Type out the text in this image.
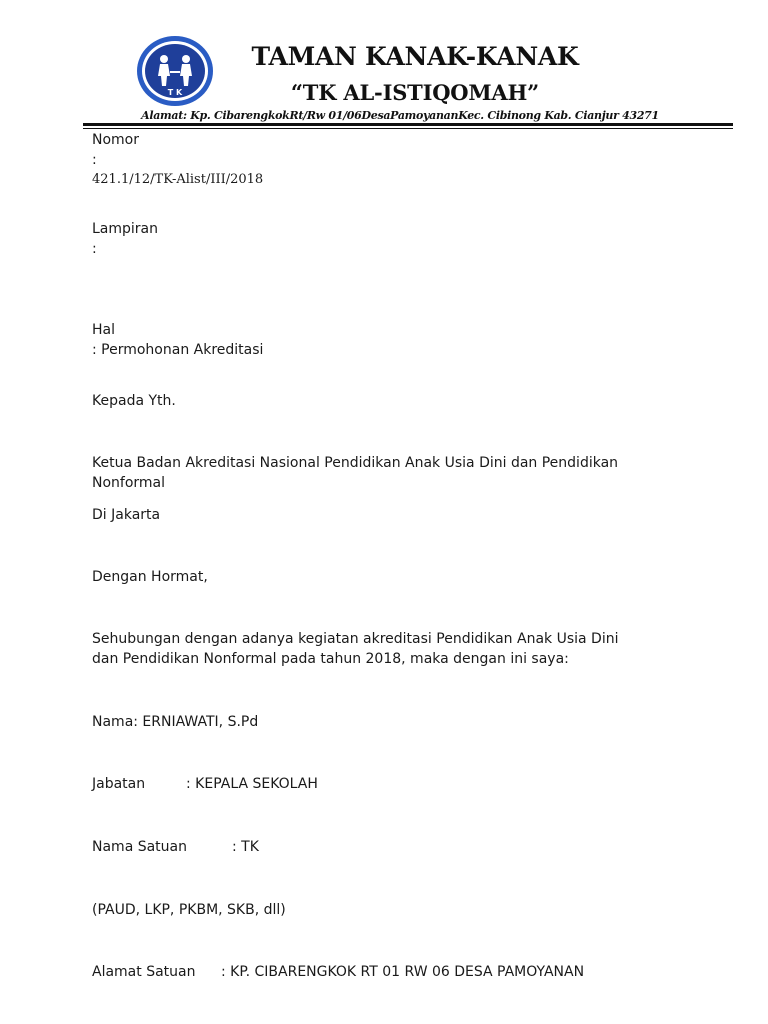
T K
TAMAN KANAK-KANAK
“TK AL-ISTIQOMAH”
Alamat: Kp. CibarengkokRt/Rw 01/06DesaPamoyananKec. Cibinong Kab. Cianjur 43271
Nomor
:
421.1/12/TK-Alist/III/2018
Lampiran
:
Hal
: Permohonan Akreditasi
Kepada Yth.
Ketua Badan Akreditasi Nasional Pendidikan Anak Usia Dini dan Pendidikan
Nonformal
Di Jakarta
Dengan Hormat,
Sehubungan dengan adanya kegiatan akreditasi Pendidikan Anak Usia Dini
dan Pendidikan Nonformal pada tahun 2018, maka dengan ini saya:
Nama: ERNIAWATI, S.Pd
Jabatan	: KEPALA SEKOLAH
Nama Satuan	: TK
(PAUD, LKP, PKBM, SKB, dll)
Alamat Satuan : KP. CIBARENGKOK RT 01 RW 06 DESA PAMOYANAN
